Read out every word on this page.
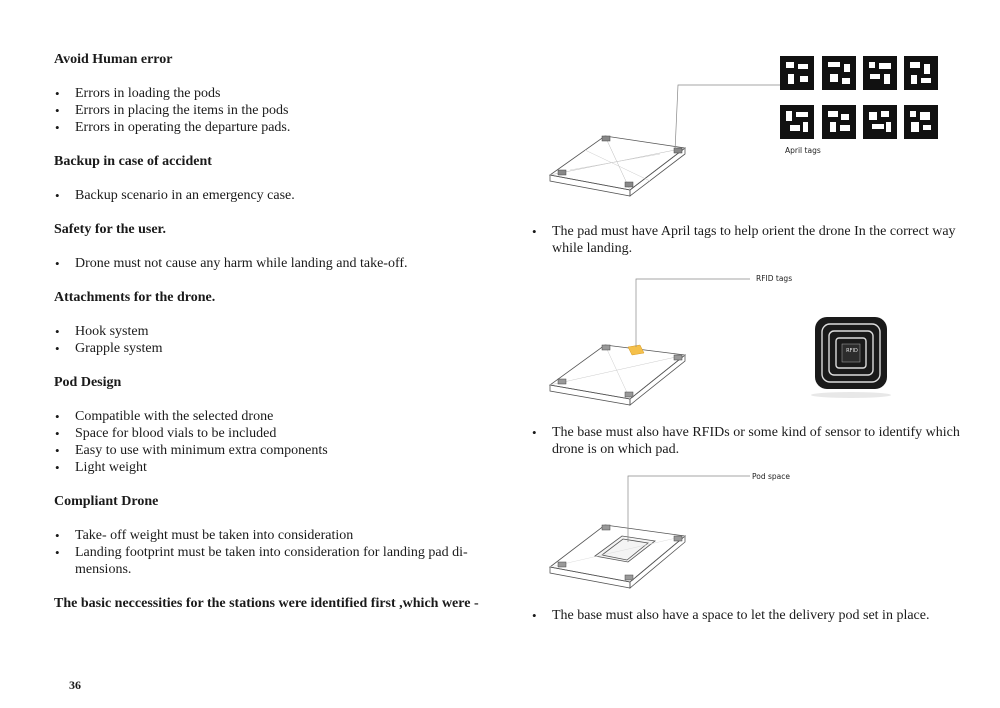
Avoid Human error
• Errors in loading the pods
• Errors in placing the items in the pods
• Errors in operating the departure pads.
Backup in case of accident
• Backup scenario in an emergency case.
Safety for the user.
• Drone must not cause any harm while landing and take-off.
Attachments for the drone.
• Hook system
• Grapple system
Pod Design
• Compatible with the selected drone
• Space for blood vials to be included
• Easy to use with minimum extra components
• Light weight
Compliant Drone
• Take- off weight must be taken into consideration
• Landing footprint must be taken into consideration for landing pad di-mensions.
The basic neccessities for the stations were identified first ,which were -
36
April tags
• The pad must have April tags to help orient the drone In the correct way while landing.
RFID tags
RFID
• The base must also have RFIDs or some kind of sensor to identify which drone is on which pad.
Pod space
• The base must also have a space to let the delivery pod set in place.
